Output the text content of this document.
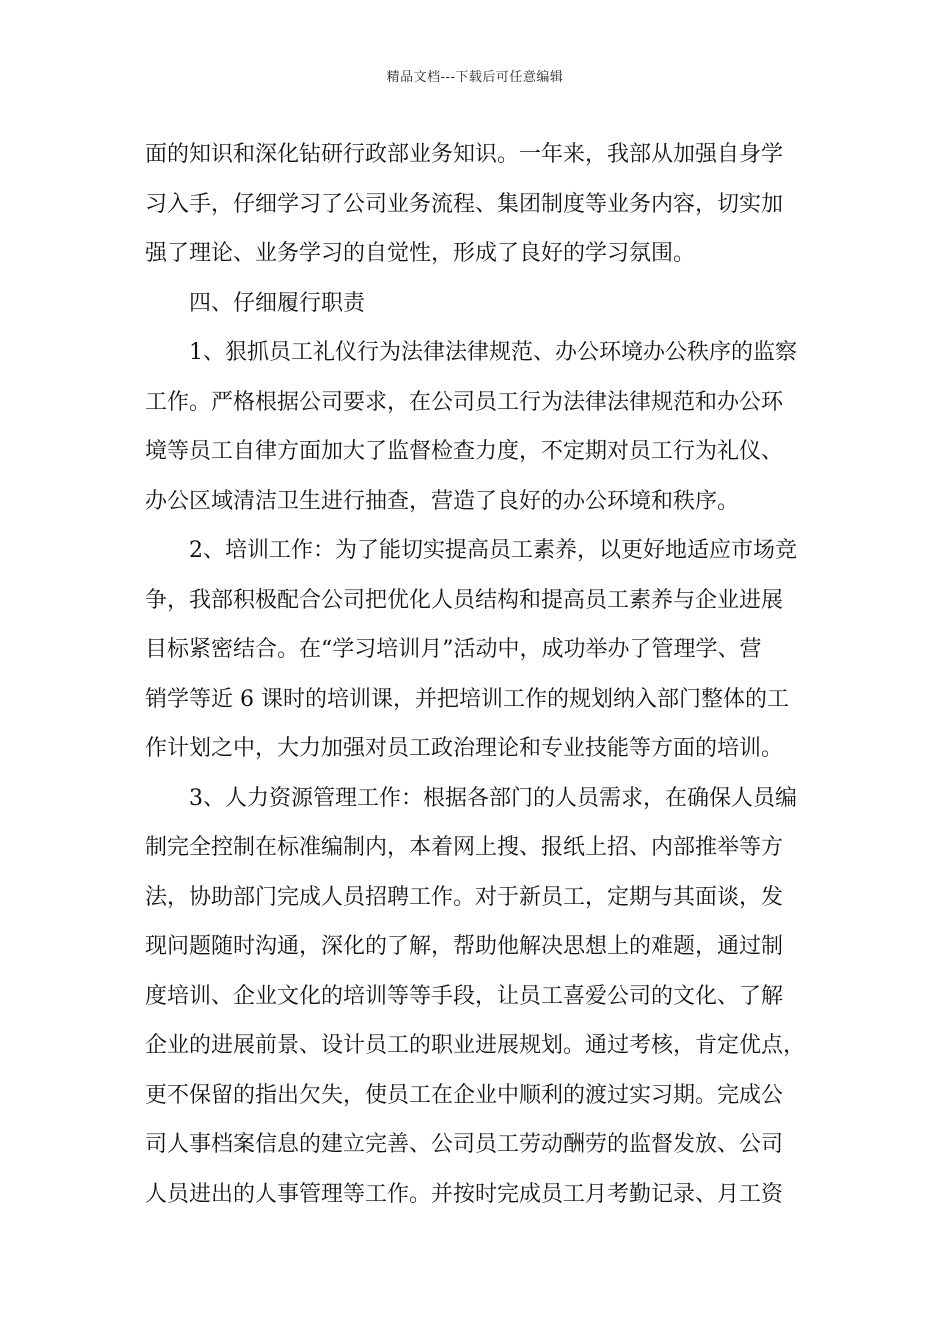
精品文档---下载后可任意编辑
面的知识和深化钻研行政部业务知识。一年来，我部从加强自身学
习入手，仔细学习了公司业务流程、集团制度等业务内容，切实加
强了理论、业务学习的自觉性，形成了良好的学习氛围。
四、仔细履行职责
1、狠抓员工礼仪行为法律法律规范、办公环境办公秩序的监察
工作。严格根据公司要求，在公司员工行为法律法律规范和办公环
境等员工自律方面加大了监督检查力度，不定期对员工行为礼仪、
办公区域清洁卫生进行抽查，营造了良好的办公环境和秩序。
2、培训工作：为了能切实提高员工素养，以更好地适应市场竞
争，我部积极配合公司把优化人员结构和提高员工素养与企业进展
目标紧密结合。在“学习培训月”活动中，成功举办了管理学、营
销学等近 6 课时的培训课，并把培训工作的规划纳入部门整体的工
作计划之中，大力加强对员工政治理论和专业技能等方面的培训。
3、人力资源管理工作：根据各部门的人员需求，在确保人员编
制完全控制在标准编制内，本着网上搜、报纸上招、内部推举等方
法，协助部门完成人员招聘工作。对于新员工，定期与其面谈，发
现问题随时沟通，深化的了解，帮助他解决思想上的难题，通过制
度培训、企业文化的培训等等手段，让员工喜爱公司的文化、了解
企业的进展前景、设计员工的职业进展规划。通过考核，肯定优点，
更不保留的指出欠失，使员工在企业中顺利的渡过实习期。完成公
司人事档案信息的建立完善、公司员工劳动酬劳的监督发放、公司
人员进出的人事管理等工作。并按时完成员工月考勤记录、月工资
